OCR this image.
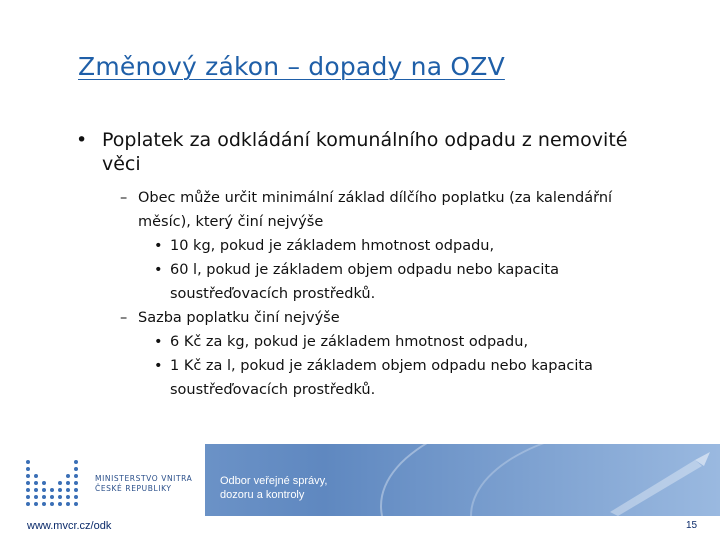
Změnový zákon – dopady na OZV
• Poplatek za odkládání komunálního odpadu z nemovité
věci
– Obec může určit minimální základ dílčího poplatku (za kalendářní
měsíc), který činí nejvýše
• 10 kg, pokud je základem hmotnost odpadu,
• 60 l, pokud je základem objem odpadu nebo kapacita
soustřeďovacích prostředků.
– Sazba poplatku činí nejvýše
• 6 Kč za kg, pokud je základem hmotnost odpadu,
• 1 Kč za l, pokud je základem objem odpadu nebo kapacita
soustřeďovacích prostředků.
MINISTERSTVO VNITRA
ČESKÉ REPUBLIKY
Odbor veřejné správy,
dozoru a kontroly
www.mvcr.cz/odk	15
